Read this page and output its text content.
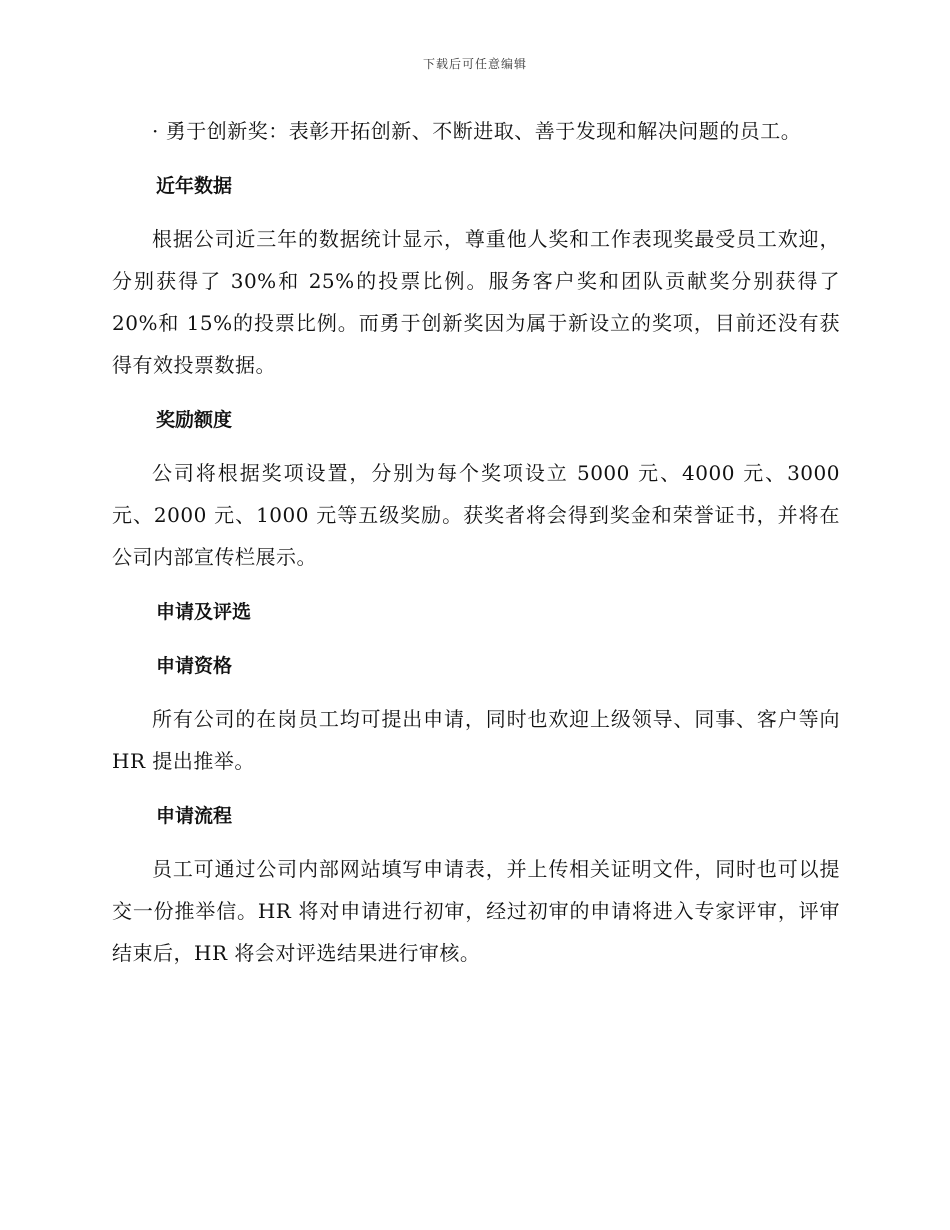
下载后可任意编辑

· 勇于创新奖：表彰开拓创新、不断进取、善于发现和解决问题的员工。

近年数据

根据公司近三年的数据统计显示，尊重他人奖和工作表现奖最受员工欢迎，分别获得了 30%和 25%的投票比例。服务客户奖和团队贡献奖分别获得了 20%和 15%的投票比例。而勇于创新奖因为属于新设立的奖项，目前还没有获得有效投票数据。

奖励额度

公司将根据奖项设置，分别为每个奖项设立 5000 元、4000 元、3000 元、2000 元、1000 元等五级奖励。获奖者将会得到奖金和荣誉证书，并将在公司内部宣传栏展示。

申请及评选
申请资格

所有公司的在岗员工均可提出申请，同时也欢迎上级领导、同事、客户等向 HR 提出推举。

申请流程

员工可通过公司内部网站填写申请表，并上传相关证明文件，同时也可以提交一份推举信。HR 将对申请进行初审，经过初审的申请将进入专家评审，评审结束后，HR 将会对评选结果进行审核。
